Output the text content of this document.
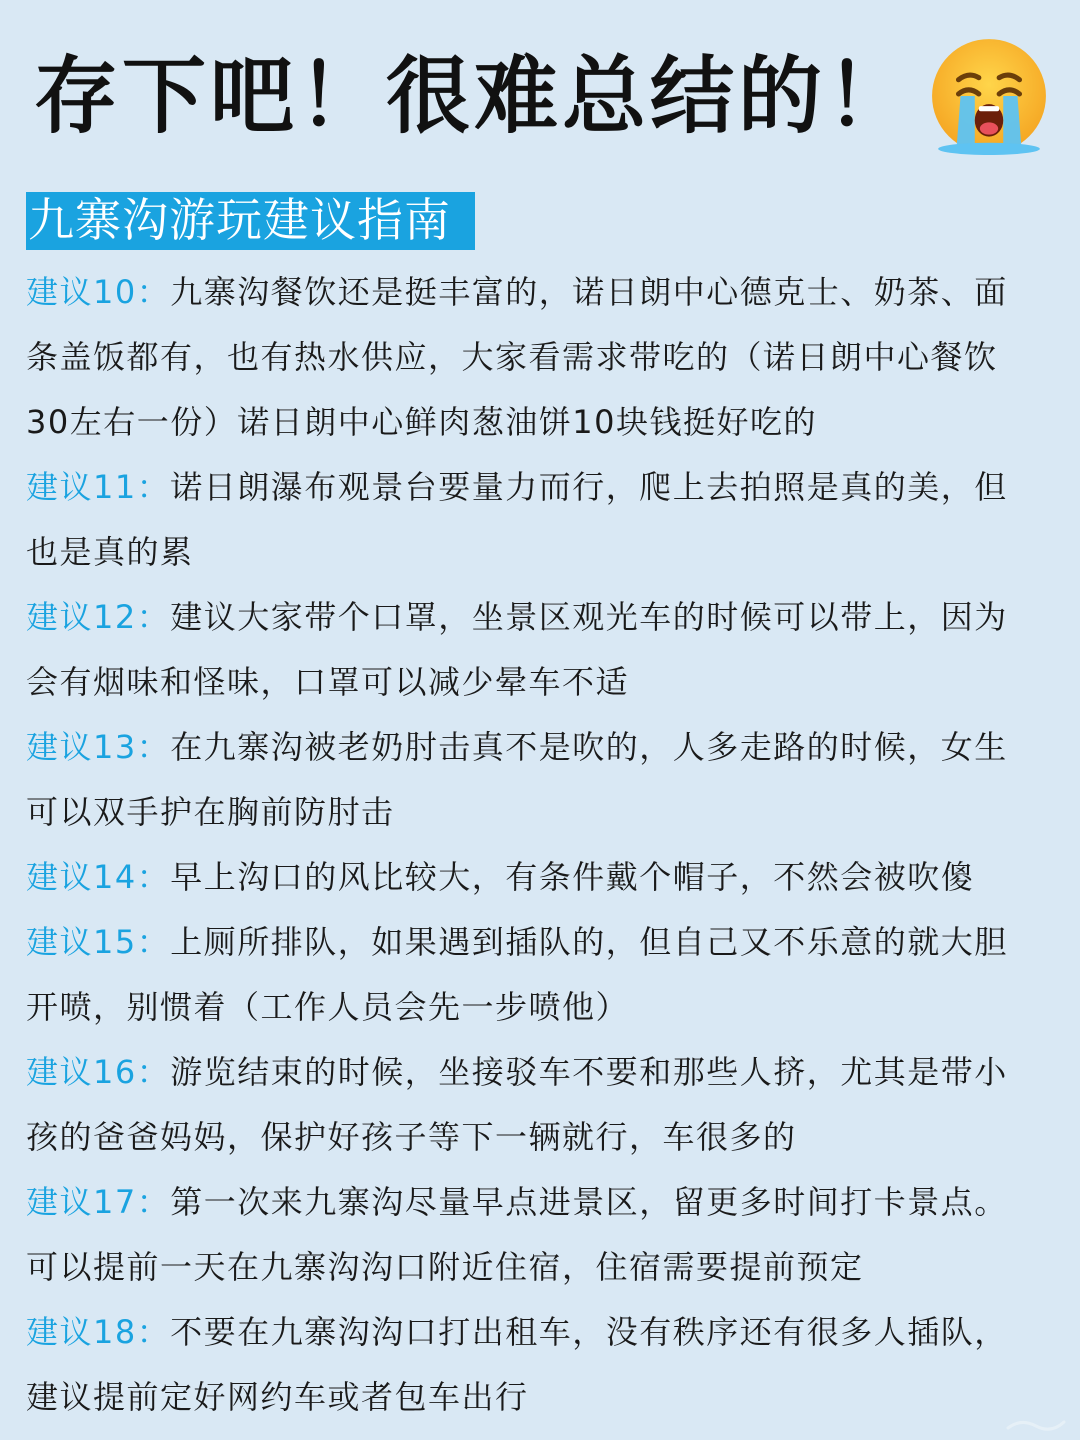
存下吧！很难总结的！
九寨沟游玩建议指南
建议10：九寨沟餐饮还是挺丰富的，诺日朗中心德克士、奶茶、面条盖饭都有，也有热水供应，大家看需求带吃的（诺日朗中心餐饮30左右一份）诺日朗中心鲜肉葱油饼10块钱挺好吃的
建议11：诺日朗瀑布观景台要量力而行，爬上去拍照是真的美，但也是真的累
建议12：建议大家带个口罩，坐景区观光车的时候可以带上，因为会有烟味和怪味，口罩可以减少晕车不适
建议13：在九寨沟被老奶肘击真不是吹的，人多走路的时候，女生可以双手护在胸前防肘击
建议14：早上沟口的风比较大，有条件戴个帽子，不然会被吹傻
建议15：上厕所排队，如果遇到插队的，但自己又不乐意的就大胆开喷，别惯着（工作人员会先一步喷他）
建议16：游览结束的时候，坐接驳车不要和那些人挤，尤其是带小孩的爸爸妈妈，保护好孩子等下一辆就行，车很多的
建议17：第一次来九寨沟尽量早点进景区，留更多时间打卡景点。可以提前一天在九寨沟沟口附近住宿，住宿需要提前预定
建议18：不要在九寨沟沟口打出租车，没有秩序还有很多人插队，建议提前定好网约车或者包车出行
